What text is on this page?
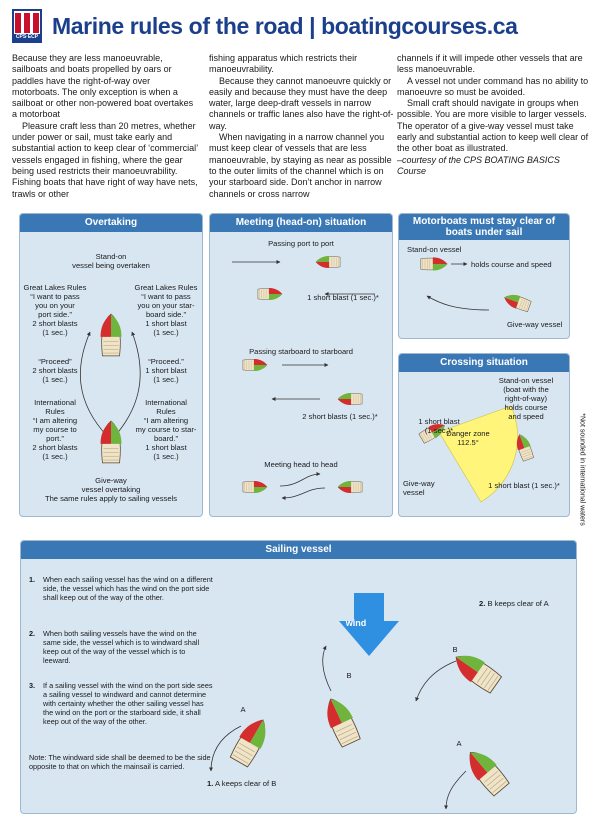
CPS·ECP Marine rules of the road | boatingcourses.ca

Because they are less manoeuvrable, sailboats and boats propelled by oars or paddles have the right-of-way over motorboats. The only exception is when a sailboat or other non-powered boat overtakes a motorboat

Pleasure craft less than 20 metres, whether under power or sail, must take early and substantial action to keep clear of ‘commercial’ vessels engaged in fishing, where the gear being used restricts their manoeuvrability. Fishing boats that have right of way have nets, trawls or other

fishing apparatus which restricts their manoeuvrability.

Because they cannot manoeuvre quickly or easily and because they must have the deep water, large deep-draft vessels in narrow channels or traffic lanes also have the right-of-way.

When navigating in a narrow channel you must keep clear of vessels that are less manoeuvrable, by staying as near as possible to the outer limits of the channel which is on your starboard side. Don’t anchor in narrow channels or cross narrow

channels if it will impede other vessels that are less manoeuvrable.

A vessel not under command has no ability to manoeuvre so must be avoided.

Small craft should navigate in groups when possible. You are more visible to larger vessels.

The operator of a give-way vessel must take early and substantial action to keep well clear of the other boat as illustrated.

–courtesy of the CPS BOATING BASICS Course

Overtaking
Stand-on
vessel being overtaken
Great Lakes Rules
“I want to pass
you on your
port side.”
2 short blasts
(1 sec.)
Great Lakes Rules
“I want to pass
you on your star-
board side.”
1 short blast
(1 sec.)
“Proceed”
2 short blasts
(1 sec.)
“Proceed.”
1 short blast
(1 sec.)
International
Rules
“I am altering
my course to
port.”
2 short blasts
(1 sec.)
International
Rules
“I am altering
my course to star-
board.”
1 short blast
(1 sec.)
Give-way
vessel overtaking
The same rules apply to sailing vessels
Meeting (head-on) situation
Passing port to port
1 short blast (1 sec.)*
Passing starboard to starboard
2 short blasts (1 sec.)*
Meeting head to head
Motorboats must stay clear of boats under sail
Stand-on vessel
holds course and speed
Give-way vessel
Crossing situation
Stand-on vessel
(boat with the
right-of-way)
holds course
and speed
1 short blast
(1 sec.)*
Danger zone
112.5°
Give-way
vessel
1 short blast (1 sec.)*	*Not sounded in international waters
Sailing vessel
1. When each sailing vessel has the wind on a different side, the vessel which has the wind on the port side shall keep out of the way of the other.
2. When both sailing vessels have the wind on the same side, the vessel which is to windward shall keep out of the way of the vessel which is to leeward.
3. If a sailing vessel with the wind on the port side sees a sailing vessel to windward and cannot determine with certainty whether the other sailing vessel has the wind on the port or the starboard side, it shall keep out of the way of the other.
Note: The windward side shall be deemed to be the side opposite to that on which the mainsail is carried.
wind
A
B
B
A
1. A keeps clear of B
2. B keeps clear of A
